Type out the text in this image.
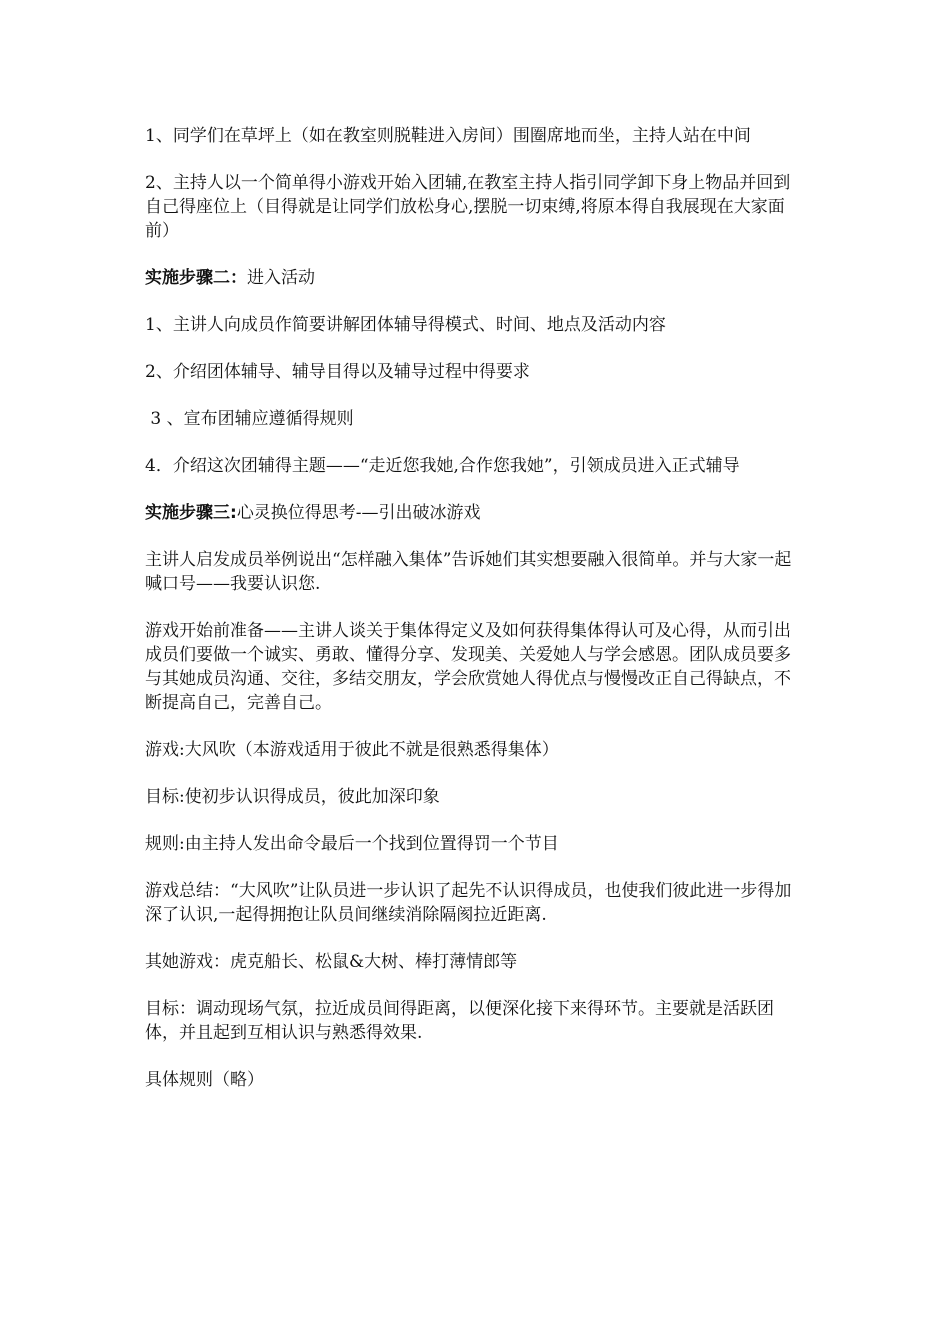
1、同学们在草坪上（如在教室则脱鞋进入房间）围圈席地而坐，主持人站在中间

2、主持人以一个简单得小游戏开始入团辅,在教室主持人指引同学卸下身上物品并回到自己得座位上（目得就是让同学们放松身心,摆脱一切束缚,将原本得自我展现在大家面前）

实施步骤二：进入活动

1、主讲人向成员作简要讲解团体辅导得模式、时间、地点及活动内容

2、介绍团体辅导、辅导目得以及辅导过程中得要求

3 、宣布团辅应遵循得规则

4．介绍这次团辅得主题——“走近您我她,合作您我她”，引领成员进入正式辅导

实施步骤三:心灵换位得思考-—引出破冰游戏

主讲人启发成员举例说出“怎样融入集体”告诉她们其实想要融入很简单。并与大家一起喊口号——我要认识您.

游戏开始前准备——主讲人谈关于集体得定义及如何获得集体得认可及心得，从而引出成员们要做一个诚实、勇敢、懂得分享、发现美、关爱她人与学会感恩。团队成员要多与其她成员沟通、交往，多结交朋友，学会欣赏她人得优点与慢慢改正自己得缺点，不断提高自己，完善自己。

游戏:大风吹（本游戏适用于彼此不就是很熟悉得集体）

目标:使初步认识得成员，彼此加深印象

规则:由主持人发出命令最后一个找到位置得罚一个节目

游戏总结：“大风吹”让队员进一步认识了起先不认识得成员，也使我们彼此进一步得加深了认识,一起得拥抱让队员间继续消除隔阂拉近距离.

其她游戏：虎克船长、松鼠&大树、棒打薄情郎等

目标：调动现场气氛，拉近成员间得距离，以便深化接下来得环节。主要就是活跃团体，并且起到互相认识与熟悉得效果.

具体规则（略）
